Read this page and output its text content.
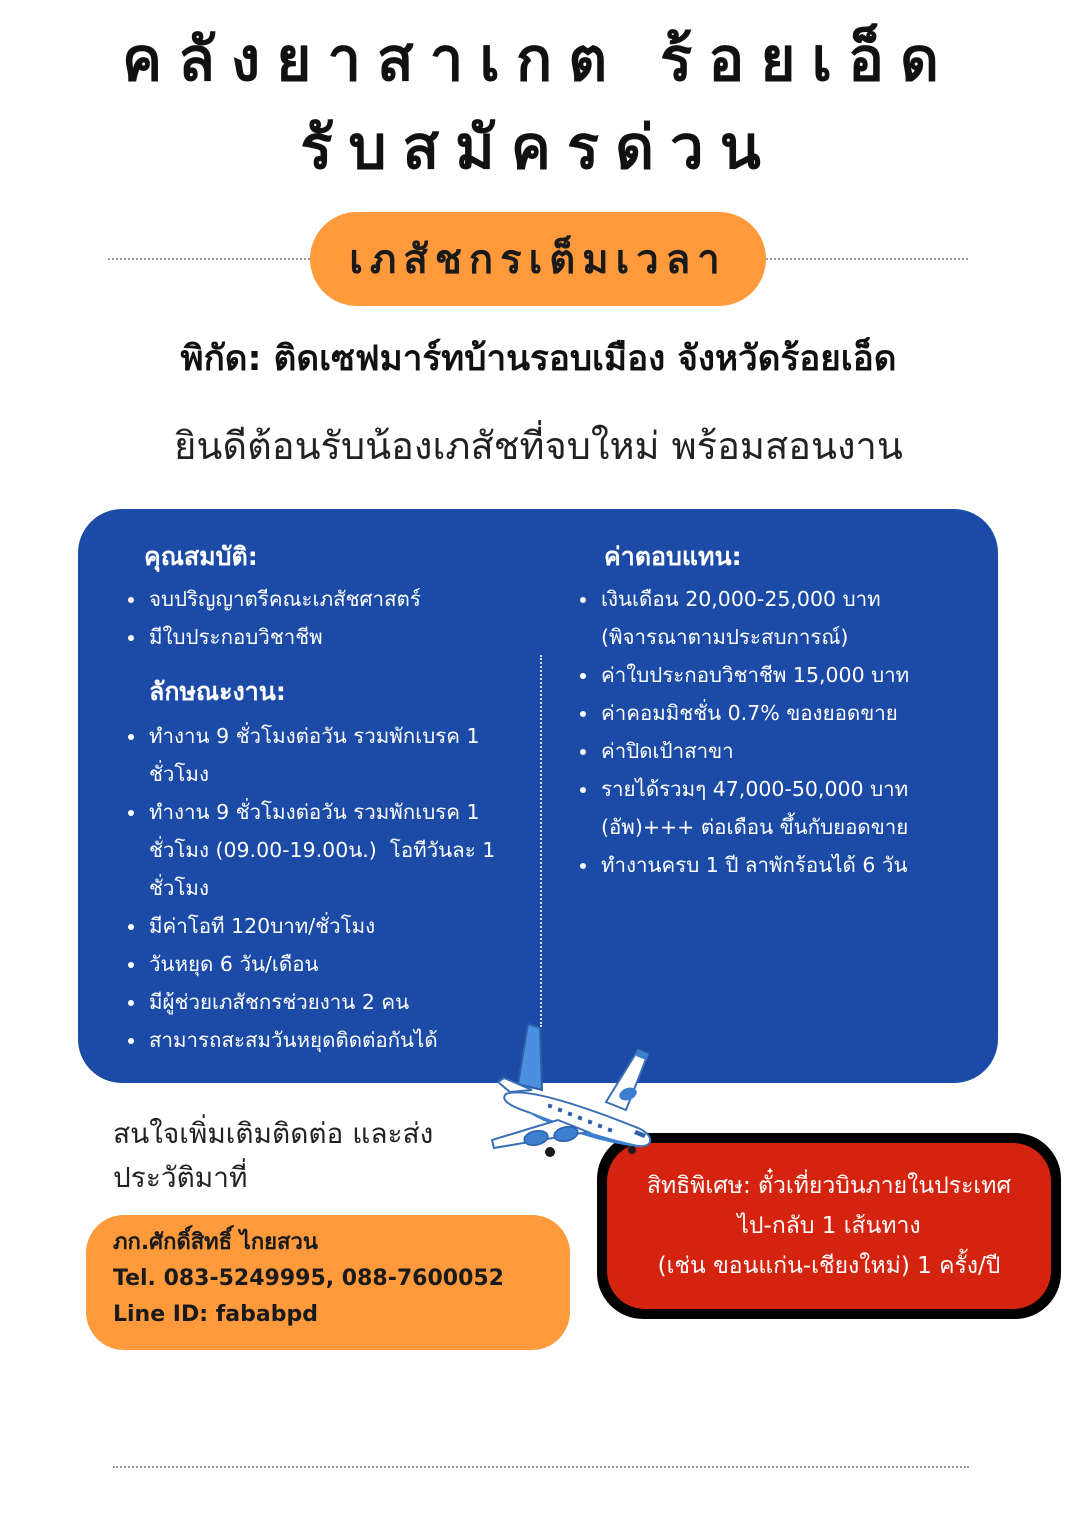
คลังยาสาเกต ร้อยเอ็ด
รับสมัครด่วน
เภสัชกรเต็มเวลา
พิกัด: ติดเซฟมาร์ทบ้านรอบเมือง จังหวัดร้อยเอ็ด
ยินดีต้อนรับน้องเภสัชที่จบใหม่ พร้อมสอนงาน
คุณสมบัติ:
จบปริญญาตรีคณะเภสัชศาสตร์
มีใบประกอบวิชาชีพ
ลักษณะงาน:
ทำงาน 9 ชั่วโมงต่อวัน รวมพักเบรค 1
ชั่วโมง
ทำงาน 9 ชั่วโมงต่อวัน รวมพักเบรค 1
ชั่วโมง (09.00-19.00น.)  โอทีวันละ 1
ชั่วโมง
มีค่าโอที 120บาท/ชั่วโมง
วันหยุด 6 วัน/เดือน
มีผู้ช่วยเภสัชกรช่วยงาน 2 คน
สามารถสะสมวันหยุดติดต่อกันได้
ค่าตอบแทน:
เงินเดือน 20,000-25,000 บาท
(พิจารณาตามประสบการณ์)
ค่าใบประกอบวิชาชีพ 15,000 บาท
ค่าคอมมิชชั่น 0.7% ของยอดขาย
ค่าปิดเป้าสาขา
รายได้รวมๆ 47,000-50,000 บาท
(อัพ)+++ ต่อเดือน ขึ้นกับยอดขาย
ทำงานครบ 1 ปี ลาพักร้อนได้ 6 วัน
สนใจเพิ่มเติมติดต่อ และส่งประวัติมาที่
ภก.ศักดิ์สิทธิ์ ไกยสวน
Tel. 083-5249995, 088-7600052
Line ID: fababpd
สิทธิพิเศษ: ตั๋วเที่ยวบินภายในประเทศ
ไป-กลับ 1 เส้นทาง
(เช่น ขอนแก่น-เชียงใหม่) 1 ครั้ง/ปี
